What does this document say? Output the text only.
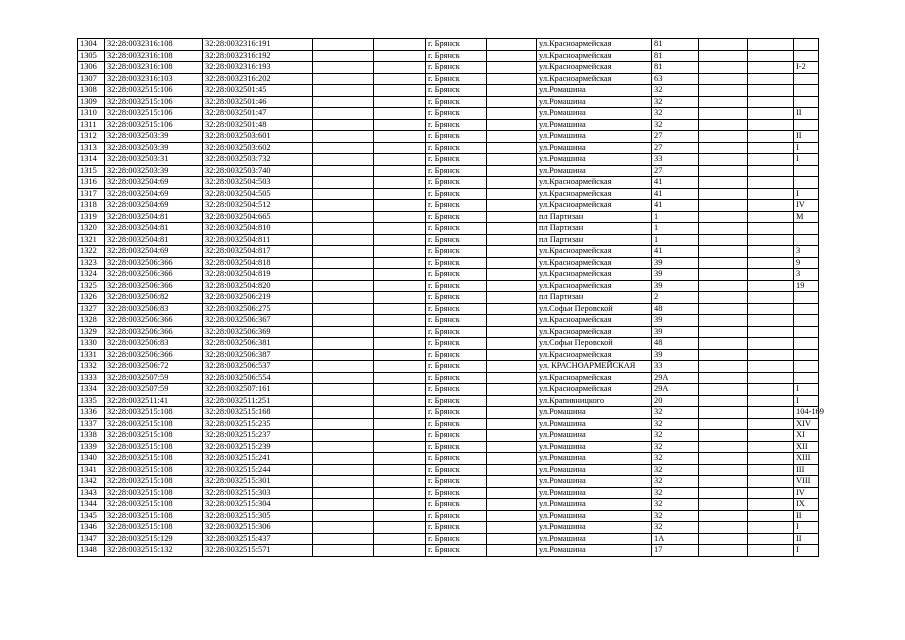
1304	32:28:0032316:108	32:28:0032316:191			г. Брянск		ул.Красноармейская	81			
1305	32:28:0032316:108	32:28:0032316:192			г. Брянск		ул.Красноармейская	81			
1306	32:28:0032316:108	32:28:0032316:193			г. Брянск		ул.Красноармейская	81			I-2
1307	32:28:0032316:103	32:28:0032316:202			г. Брянск		ул.Красноармейская	63			
1308	32:28:0032515:106	32:28:0032501:45			г. Брянск		ул.Ромашина	32			
1309	32:28:0032515:106	32:28:0032501:46			г. Брянск		ул.Ромашина	32			
1310	32:28:0032515:106	32:28:0032501:47			г. Брянск		ул.Ромашина	32			II
1311	32:28:0032515:106	32:28:0032501:48			г. Брянск		ул.Ромашина	32			
1312	32:28:0032503:39	32:28:0032503:601			г. Брянск		ул.Ромашина	27			II
1313	32:28:0032503:39	32:28:0032503:602			г. Брянск		ул.Ромашина	27			I
1314	32:28:0032503:31	32:28:0032503:732			г. Брянск		ул.Ромашина	33			I
1315	32:28:0032503:39	32:28:0032503:740			г. Брянск		ул.Ромашина	27			
1316	32:28:0032504:69	32:28:0032504:503			г. Брянск		ул.Красноармейская	41			
1317	32:28:0032504:69	32:28:0032504:505			г. Брянск		ул.Красноармейская	41			I
1318	32:28:0032504:69	32:28:0032504:512			г. Брянск		ул.Красноармейская	41			IV
1319	32:28:0032504:81	32:28:0032504:665			г. Брянск		пл Партизан	1			M
1320	32:28:0032504:81	32:28:0032504:810			г. Брянск		пл Партизан	1			
1321	32:28:0032504:81	32:28:0032504:811			г. Брянск		пл Партизан	1			
1322	32:28:0032504:69	32:28:0032504:817			г. Брянск		ул.Красноармейская	41			3
1323	32:28:0032506:366	32:28:0032504:818			г. Брянск		ул.Красноармейская	39			9
1324	32:28:0032506:366	32:28:0032504:819			г. Брянск		ул.Красноармейская	39			3
1325	32:28:0032506:366	32:28:0032504:820			г. Брянск		ул.Красноармейская	39			19
1326	32:28:0032506:82	32:28:0032506:219			г. Брянск		пл Партизан	2			
1327	32:28:0032506:83	32:28:0032506:275			г. Брянск		ул.Софьи Перовской	48			
1328	32:28:0032506:366	32:28:0032506:367			г. Брянск		ул.Красноармейская	39			
1329	32:28:0032506:366	32:28:0032506:369			г. Брянск		ул.Красноармейская	39			
1330	32:28:0032506:83	32:28:0032506:381			г. Брянск		ул.Софьи Перовской	48			
1331	32:28:0032506:366	32:28:0032506:387			г. Брянск		ул.Красноармейская	39			
1332	32:28:0032506:72	32:28:0032506:537			г. Брянск		ул. КРАСНОАРМЕЙСКАЯ	33			
1333	32:28:0032507:59	32:28:0032506:554			г. Брянск		ул.Красноармейская	29А			
1334	32:28:0032507:59	32:28:0032507:161			г. Брянск		ул.Красноармейская	29А			I
1335	32:28:0032511:41	32:28:0032511:251			г. Брянск		ул.Крапивницкого	20			I
1336	32:28:0032515:108	32:28:0032515:168			г. Брянск		ул.Ромашина	32			104-169
1337	32:28:0032515:108	32:28:0032515:235			г. Брянск		ул.Ромашина	32			XIV
1338	32:28:0032515:108	32:28:0032515:237			г. Брянск		ул.Ромашина	32			XI
1339	32:28:0032515:108	32:28:0032515:239			г. Брянск		ул.Ромашина	32			XII
1340	32:28:0032515:108	32:28:0032515:241			г. Брянск		ул.Ромашина	32			XIII
1341	32:28:0032515:108	32:28:0032515:244			г. Брянск		ул.Ромашина	32			III
1342	32:28:0032515:108	32:28:0032515:301			г. Брянск		ул.Ромашина	32			VIII
1343	32:28:0032515:108	32:28:0032515:303			г. Брянск		ул.Ромашина	32			IV
1344	32:28:0032515:108	32:28:0032515:304			г. Брянск		ул.Ромашина	32			IX
1345	32:28:0032515:108	32:28:0032515:305			г. Брянск		ул.Ромашина	32			II
1346	32:28:0032515:108	32:28:0032515:306			г. Брянск		ул.Ромашина	32			I
1347	32:28:0032515:129	32:28:0032515:437			г. Брянск		ул.Ромашина	1А			II
1348	32:28:0032515:132	32:28:0032515:571			г. Брянск		ул.Ромашина	17			I
